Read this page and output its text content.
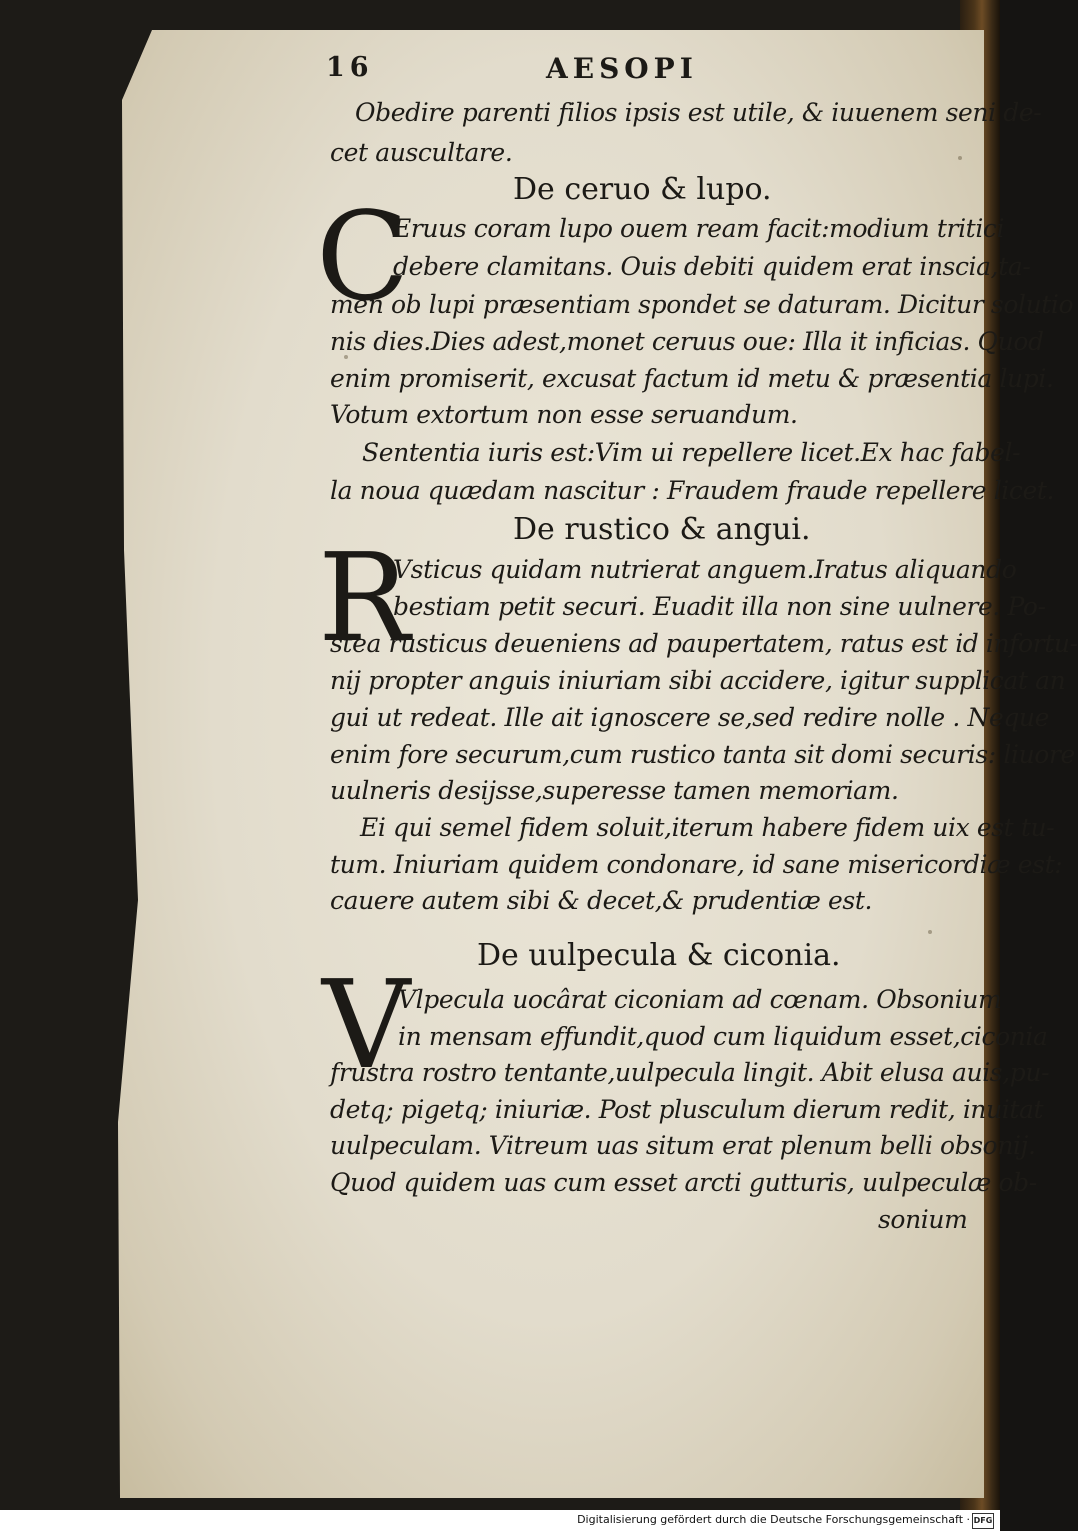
16	AESOPI
Obedire parenti filios ipsis est utile, & iuuenem seni de-
cet auscultare.
De ceruo & lupo.
C
Eruus coram lupo ouem ream facit:modium tritici
debere clamitans. Ouis debiti quidem erat inscia,ta-
men ob lupi præsentiam spondet se daturam. Dicitur solutio
nis dies.Dies adest,monet ceruus oue: Illa it inficias. Quod
enim promiserit, excusat factum id metu & præsentia lupi.
Votum extortum non esse seruandum.
Sententia iuris est:Vim ui repellere licet.Ex hac fabel-
la noua quædam nascitur : Fraudem fraude repellere licet.
De rustico & angui.
R
Vsticus quidam nutrierat anguem.Iratus aliquando
bestiam petit securi. Euadit illa non sine uulnere. Po-
stea rusticus deueniens ad paupertatem, ratus est id infortu-
nij propter anguis iniuriam sibi accidere, igitur supplicat an
gui ut redeat. Ille ait ignoscere se,sed redire nolle . Neque
enim fore securum,cum rustico tanta sit domi securis: liuore
uulneris desijsse,superesse tamen memoriam.
Ei qui semel fidem soluit,iterum habere fidem uix est tu-
tum. Iniuriam quidem condonare, id sane misericordiæ est:
cauere autem sibi & decet,& prudentiæ est.
De uulpecula & ciconia.
V
Vlpecula uocârat ciconiam ad cœnam. Obsonium
in mensam effundit,quod cum liquidum esset,ciconia
frustra rostro tentante,uulpecula lingit. Abit elusa auis,pu-
detq; pigetq; iniuriæ. Post plusculum dierum redit, inuitat
uulpeculam. Vitreum uas situm erat plenum belli obsonij.
Quod quidem uas cum esset arcti gutturis, uulpeculæ ob-
sonium
Digitalisierung gefördert durch die Deutsche Forschungsgemeinschaft · DFG
